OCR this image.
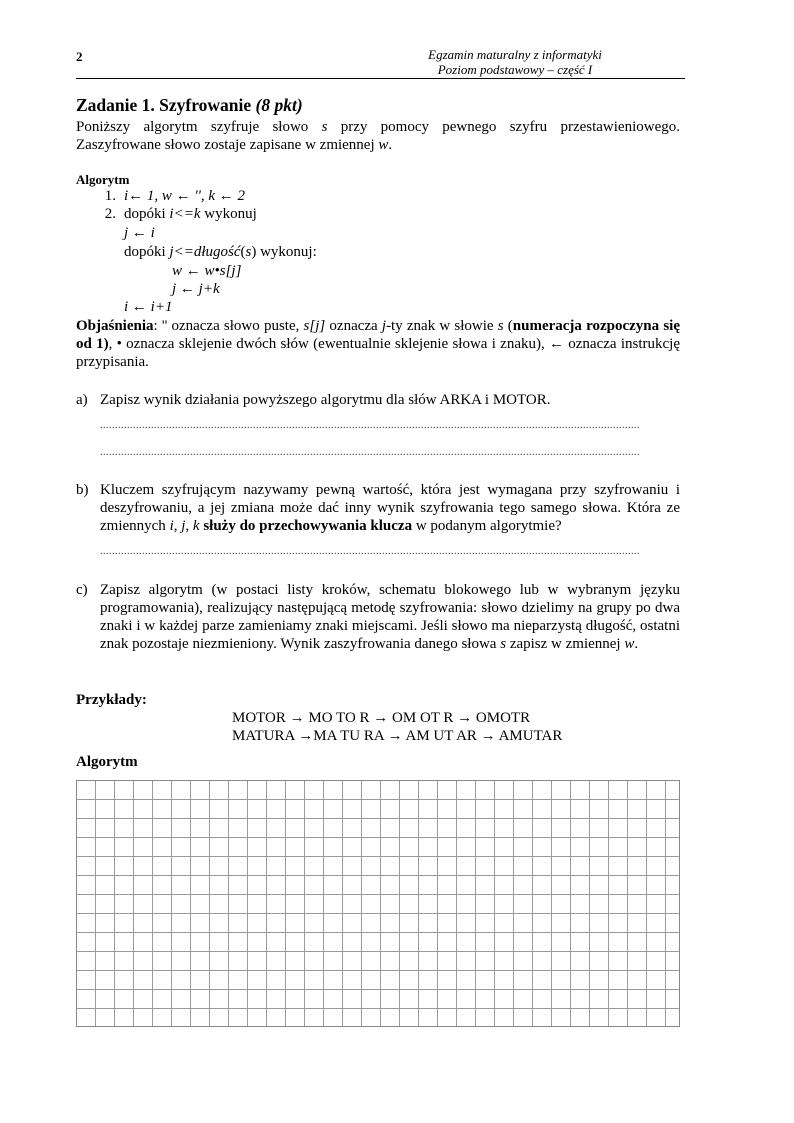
2	Egzamin maturalny z informatyki
Poziom podstawowy – część I
Zadanie 1. Szyfrowanie (8 pkt)
Poniższy algorytm szyfruje słowo s przy pomocy pewnego szyfru przestawieniowego. Zaszyfrowane słowo zostaje zapisane w zmiennej w.
Algorytm
1. i← 1, w ← '', k ← 2
2. dopóki i<=k wykonuj
j ← i
dopóki j<=długość(s) wykonuj:
w ← w•s[j]
j ← j+k
i ← i+1
Objaśnienia: '' oznacza słowo puste, s[j] oznacza j-ty znak w słowie s (numeracja rozpoczyna się od 1), • oznacza sklejenie dwóch słów (ewentualnie sklejenie słowa i znaku), ← oznacza instrukcję przypisania.
a) Zapisz wynik działania powyższego algorytmu dla słów ARKA i MOTOR.
....................................................................................................................................................................................
....................................................................................................................................................................................
b) Kluczem szyfrującym nazywamy pewną wartość, która jest wymagana przy szyfrowaniu i deszyfrowaniu, a jej zmiana może dać inny wynik szyfrowania tego samego słowa. Która ze zmiennych i, j, k służy do przechowywania klucza w podanym algorytmie?
....................................................................................................................................................................................
c) Zapisz algorytm (w postaci listy kroków, schematu blokowego lub w wybranym języku programowania), realizujący następującą metodę szyfrowania: słowo dzielimy na grupy po dwa znaki i w każdej parze zamieniamy znaki miejscami. Jeśli słowo ma nieparzystą długość, ostatni znak pozostaje niezmieniony. Wynik zaszyfrowania danego słowa s zapisz w zmiennej w.
Przykłady:
MOTOR → MO TO R → OM OT R → OMOTR
MATURA →MA TU RA → AM UT AR → AMUTAR
Algorytm
